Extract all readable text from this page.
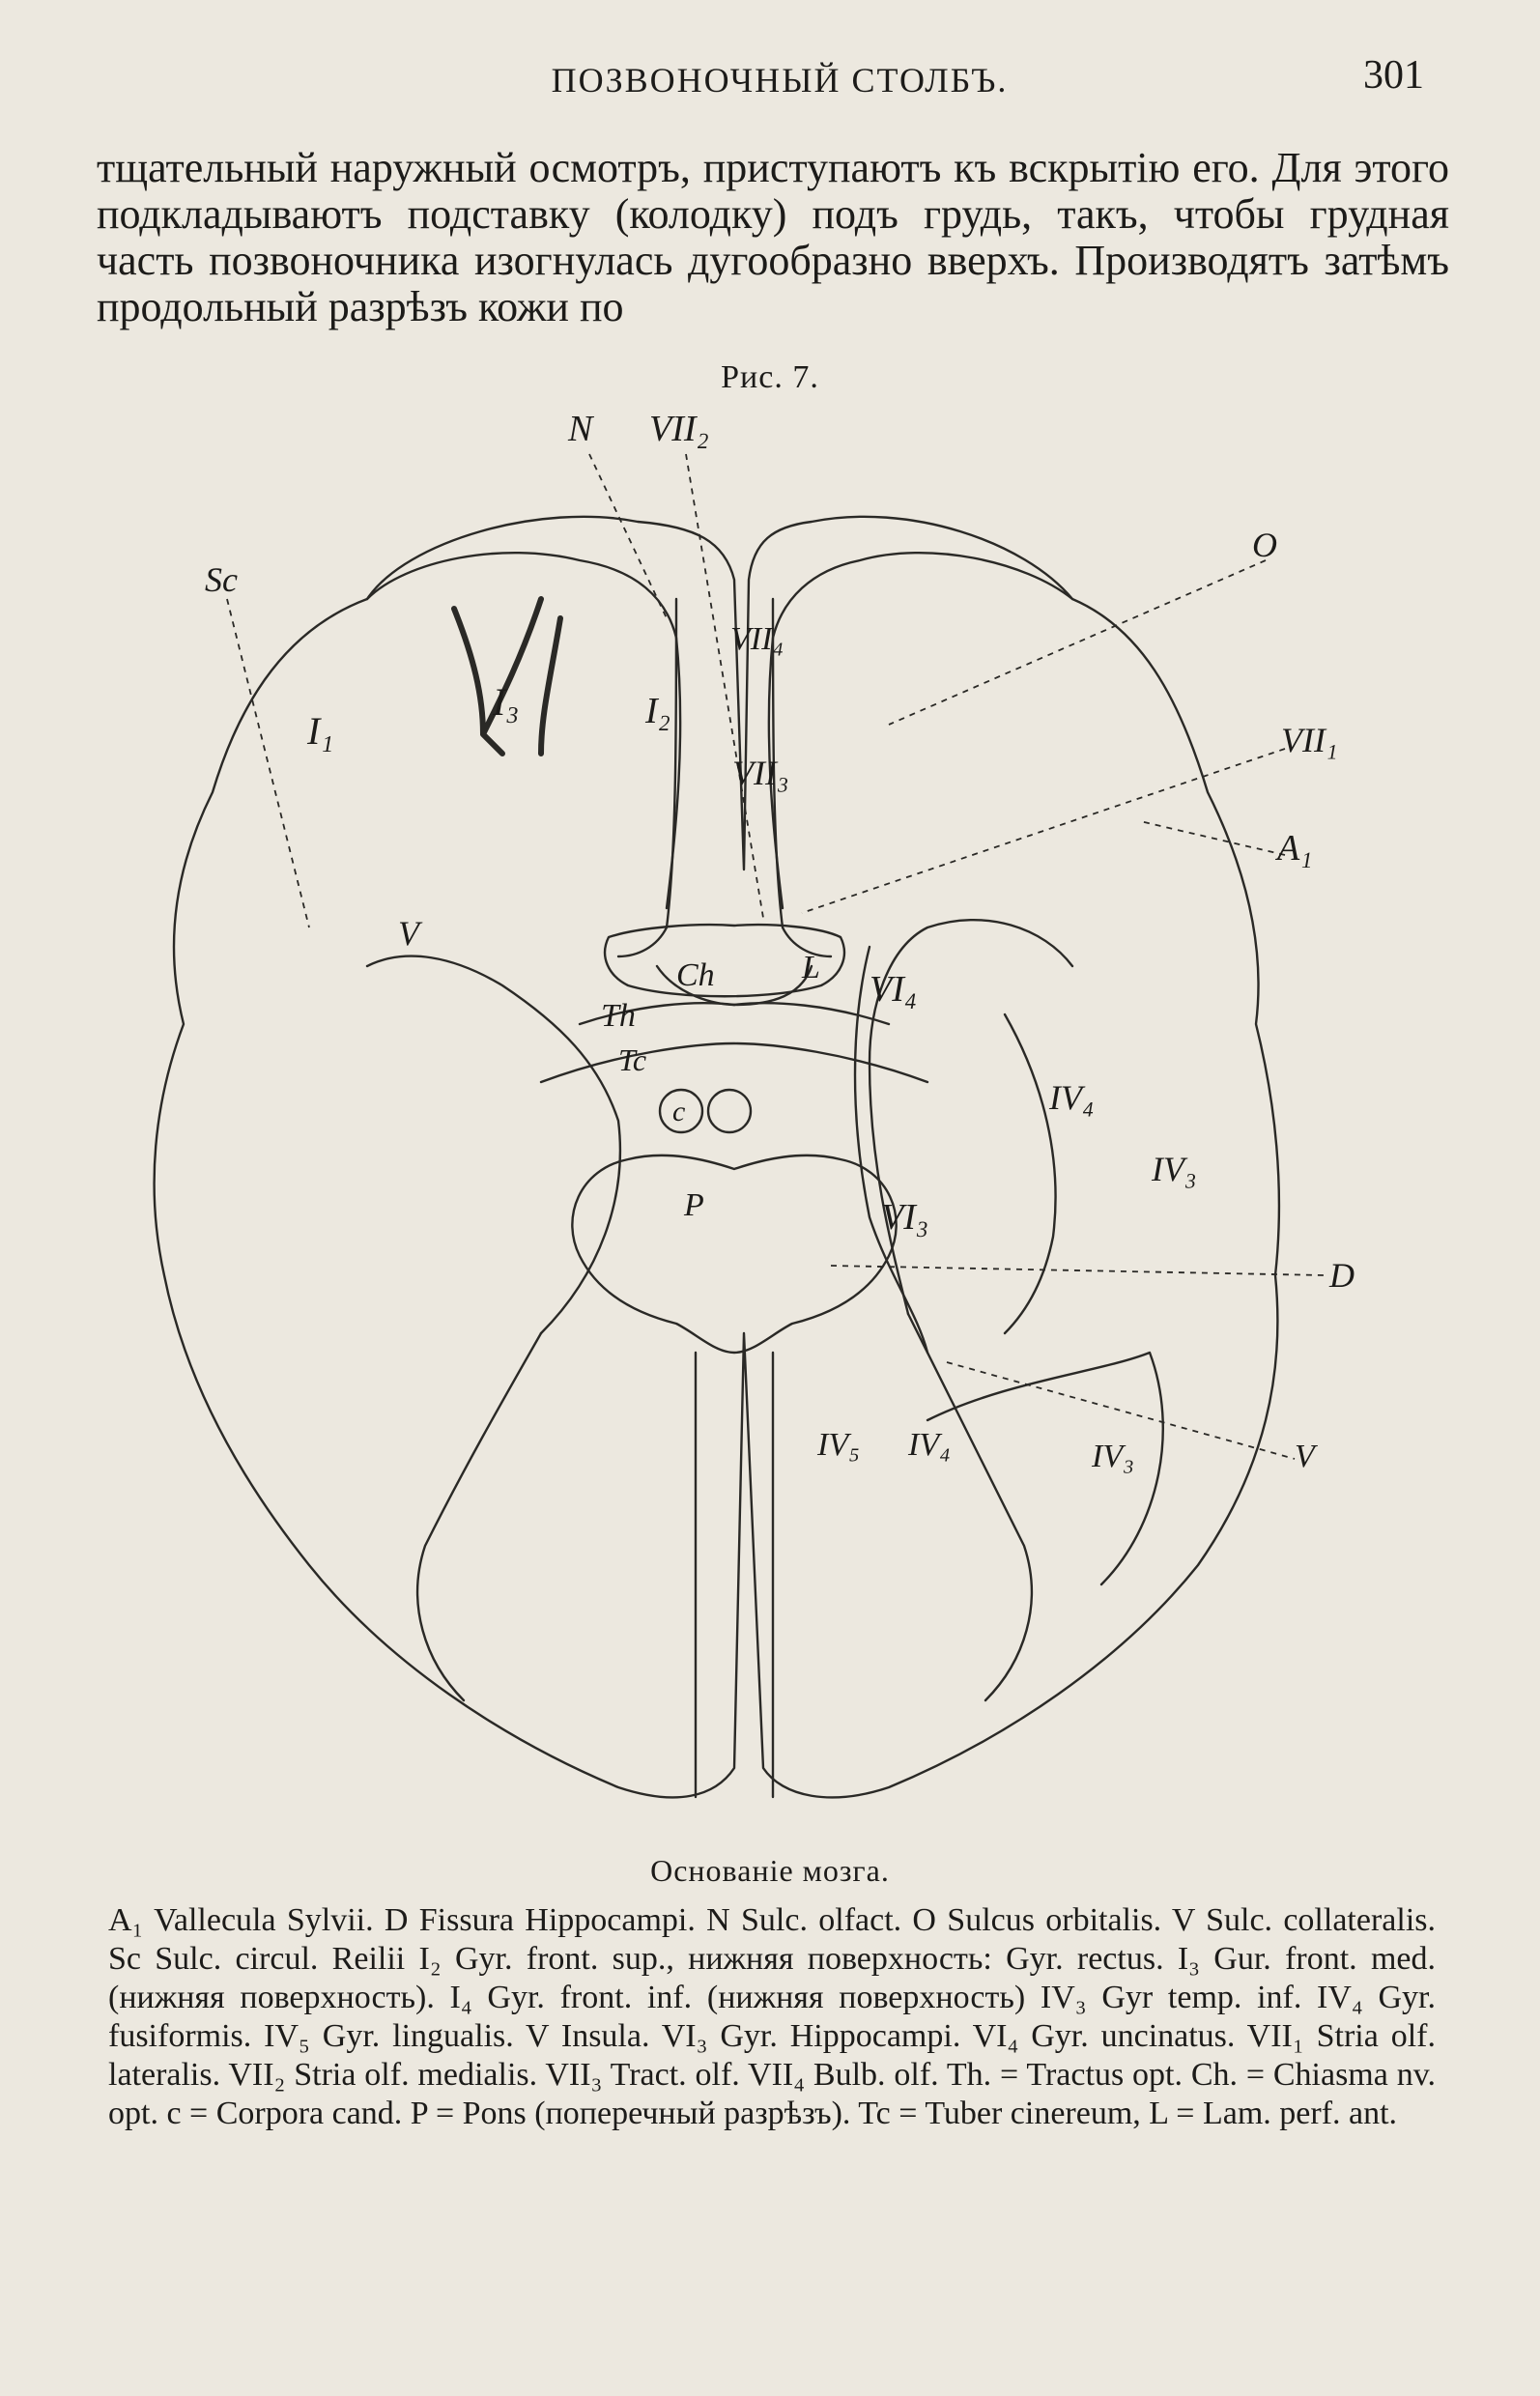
ПОЗВОНОЧНЫЙ СТОЛБЪ.	301
тщательный наружный осмотръ, приступаютъ къ вскрытію его. Для этого подкладываютъ подставку (колодку) подъ грудь, такъ, чтобы грудная часть позвоночника изогнулась дугообразно вверхъ. Производятъ затѣмъ продольный разрѣзъ кожи по
Рис. 7.
N VII₂
O
Sc
VII₄
I₁
I₃	I₂
VII₁
VII₃
A₁
V
Ch	L
VI₄
Th
Tc
IV₄
c
IV₃
P	VI₃
D
IV₅ IV₄	IV₃	V
Основаніе мозга.
A₁ Vallecula Sylvii. D Fissura Hippocampi. N Sulc. olfact. O Sulcus orbitalis. V Sulc. collateralis. Sc Sulc. circul. Reilii I₂ Gyr. front. sup., нижняя поверхность: Gyr. rectus. I₃ Gur. front. med. (нижняя поверхность). I₄ Gyr. front. inf. (нижняя поверхность) IV₃ Gyr temp. inf. IV₄ Gyr. fusiformis. IV₅ Gyr. lingualis. V Insula. VI₃ Gyr. Hippocampi. VI₄ Gyr. uncinatus. VII₁ Stria olf. lateralis. VII₂ Stria olf. medialis. VII₃ Tract. olf. VII₄ Bulb. olf. Th. = Tractus opt. Ch. = Chiasma nv. opt. c = Corpora cand. P = Pons (поперечный разрѣзъ). Tc = Tuber cinereum, L = Lam. perf. ant.
